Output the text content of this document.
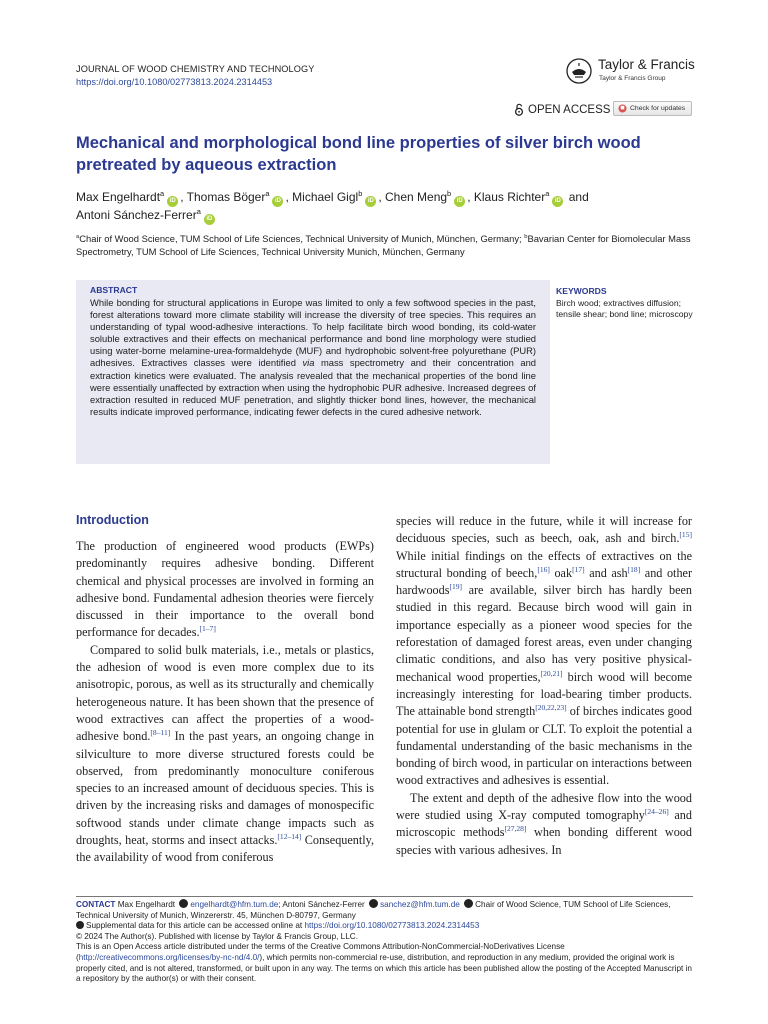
JOURNAL OF WOOD CHEMISTRY AND TECHNOLOGY
https://doi.org/10.1080/02773813.2024.2314453
Taylor & Francis
Taylor & Francis Group
OPEN ACCESS	Check for updates
Mechanical and morphological bond line properties of silver birch wood pretreated by aqueous extraction
Max Engelhardt$^a$iD , Thomas Böger$^a$iD , Michael Gigl$^b$iD , Chen Meng$^b$iD , Klaus Richter$^a$iD and
Antoni Sánchez-Ferrer$^a$iD
$^a$Chair of Wood Science, TUM School of Life Sciences, Technical University of Munich, München, Germany; $^b$Bavarian Center for Biomolecular Mass Spectrometry, TUM School of Life Sciences, Technical University Munich, München, Germany
ABSTRACT
While bonding for structural applications in Europe was limited to only a few softwood species in the past, forest alterations toward more climate stability will increase the diversity of tree species. This requires an understanding of typal wood-adhesive interactions. To help facilitate birch wood bonding, its cold-water soluble extractives and their effects on mechanical performance and bond line morphology were studied using water-borne melamine-urea-formaldehyde (MUF) and hydrophobic solvent-free polyurethane (PUR) adhesives. Extractives classes were identified via mass spectrometry and their concentration and extraction kinetics were evaluated. The analysis revealed that the mechanical properties of the bond line were essentially unaffected by extraction when using the hydrophobic PUR adhesive. Increased degrees of extraction resulted in reduced MUF penetration, and slightly thicker bond lines, however, the mechanical results indicate improved performance, indicating fewer defects in the cured adhesive network.
KEYWORDS
Birch wood; extractives diffusion; tensile shear; bond line; microscopy
Introduction

The production of engineered wood products (EWPs) predominantly requires adhesive bonding. Different chemical and physical processes are involved in forming an adhesive bond. Fundamental adhesion theories were fiercely discussed in their importance to the overall bond performance for decades.[1–7]

Compared to solid bulk materials, i.e., metals or plastics, the adhesion of wood is even more complex due to its anisotropic, porous, as well as its structurally and chemically heterogeneous nature. It has been shown that the presence of wood extractives can affect the properties of a wood-adhesive bond.[8–11] In the past years, an ongoing change in silviculture to more diverse structured forests could be observed, from predominantly monoculture coniferous species to an increased amount of deciduous species. This is driven by the increasing risks and damages of monospecific softwood stands under climate change impacts such as droughts, heat, storms and insect attacks.[12–14] Consequently, the availability of wood from coniferous

species will reduce in the future, while it will increase for deciduous species, such as beech, oak, ash and birch.[15] While initial findings on the effects of extractives on the structural bonding of beech,[16] oak[17] and ash[18] and other hardwoods[19] are available, silver birch has hardly been studied in this regard. Because birch wood will gain in importance especially as a pioneer wood species for the reforestation of damaged forest areas, even under changing climatic conditions, and also has very positive physical-mechanical wood properties,[20,21] birch wood will become increasingly interesting for load-bearing timber products. The attainable bond strength[20,22,23] of birches indicates good potential for use in glulam or CLT. To exploit the potential a fundamental understanding of the basic mechanisms in the bonding of birch wood, in particular on interactions between wood extractives and adhesives is essential.

The extent and depth of the adhesive flow into the wood were studied using X-ray computed tomography[24–26] and microscopic methods[27,28] when bonding different wood species with various adhesives. In

CONTACT Max Engelhardt engelhardt@hfm.tum.de; Antoni Sánchez-Ferrer sanchez@hfm.tum.de Chair of Wood Science, TUM School of Life Sciences, Technical University of Munich, Winzererstr. 45, München D-80797, Germany
Supplemental data for this article can be accessed online at https://doi.org/10.1080/02773813.2024.2314453
© 2024 The Author(s). Published with license by Taylor & Francis Group, LLC.
This is an Open Access article distributed under the terms of the Creative Commons Attribution-NonCommercial-NoDerivatives License (http://creativecommons.org/licenses/by-nc-nd/4.0/), which permits non-commercial re-use, distribution, and reproduction in any medium, provided the original work is properly cited, and is not altered, transformed, or built upon in any way. The terms on which this article has been published allow the posting of the Accepted Manuscript in a repository by the author(s) or with their consent.
